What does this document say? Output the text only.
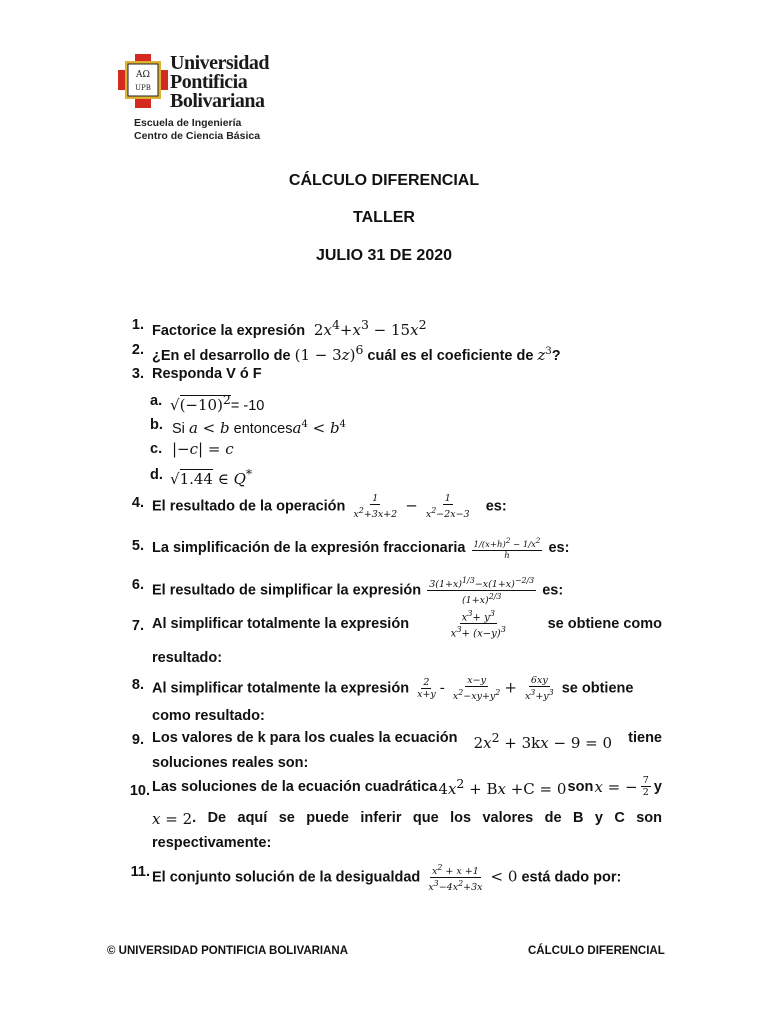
ΑΩ
UPB
Universidad
Pontificia
Bolivariana
Escuela de Ingeniería
Centro de Ciencia Básica
CÁLCULO DIFERENCIAL
TALLER
JULIO 31 DE 2020
1. Factorice la expresión  $2x^4+x^3 - 15x^2$
2. ¿En el desarrollo de $(1 - 3z)^6$ cuál es el coeficiente de $z^3$?
3. Responda V ó F
a. $√(-10)^2= -10$
b. Si a < b entoncesa$^4$ < $b^4$
c. |−c| = c
d. √1.44 ∈ Q*
4. El resultado de la operación $\frac{1}{x^2+3x+2} - \frac{1}{x^2-2x-3}$ es:
5. La simplificación de la expresión fraccionaria $\frac{1/(x+h)^2 - 1/x^2}{h}$ es:
6. El resultado de simplificar la expresión $\frac{3(1+x)^{1/3}-x(1+x)^{-2/3}}{(1+x)^{2/3}}$ es:
7. Al simplificar totalmente la expresión	$\frac{x^3+ y^3}{x^3+ (x-y)^3}$	se obtiene como
resultado:
8. Al simplificar totalmente la expresión $\frac{2}{x+y} - \frac{x-y}{x^2-xy+y^2} + \frac{6xy}{x^3+y^3}$ se obtiene
como resultado:
9. Los valores de k para los cuales la ecuación $2x^2 + 3kx - 9 = 0$ tiene
soluciones reales son:
10. Las soluciones de la ecuación cuadrática $4x^2 + Bx +C = 0$ son x = − $\frac{7}{2}$ y
x = 2 . De aquí se puede inferir que los valores de B y C son
respectivamente:
11. El conjunto solución de la desigualdad $\frac{x^2 + x +1}{x^3-4x^2+3x} < 0$ está dado por:
© UNIVERSIDAD PONTIFICIA BOLIVARIANA	CÁLCULO DIFERENCIAL
